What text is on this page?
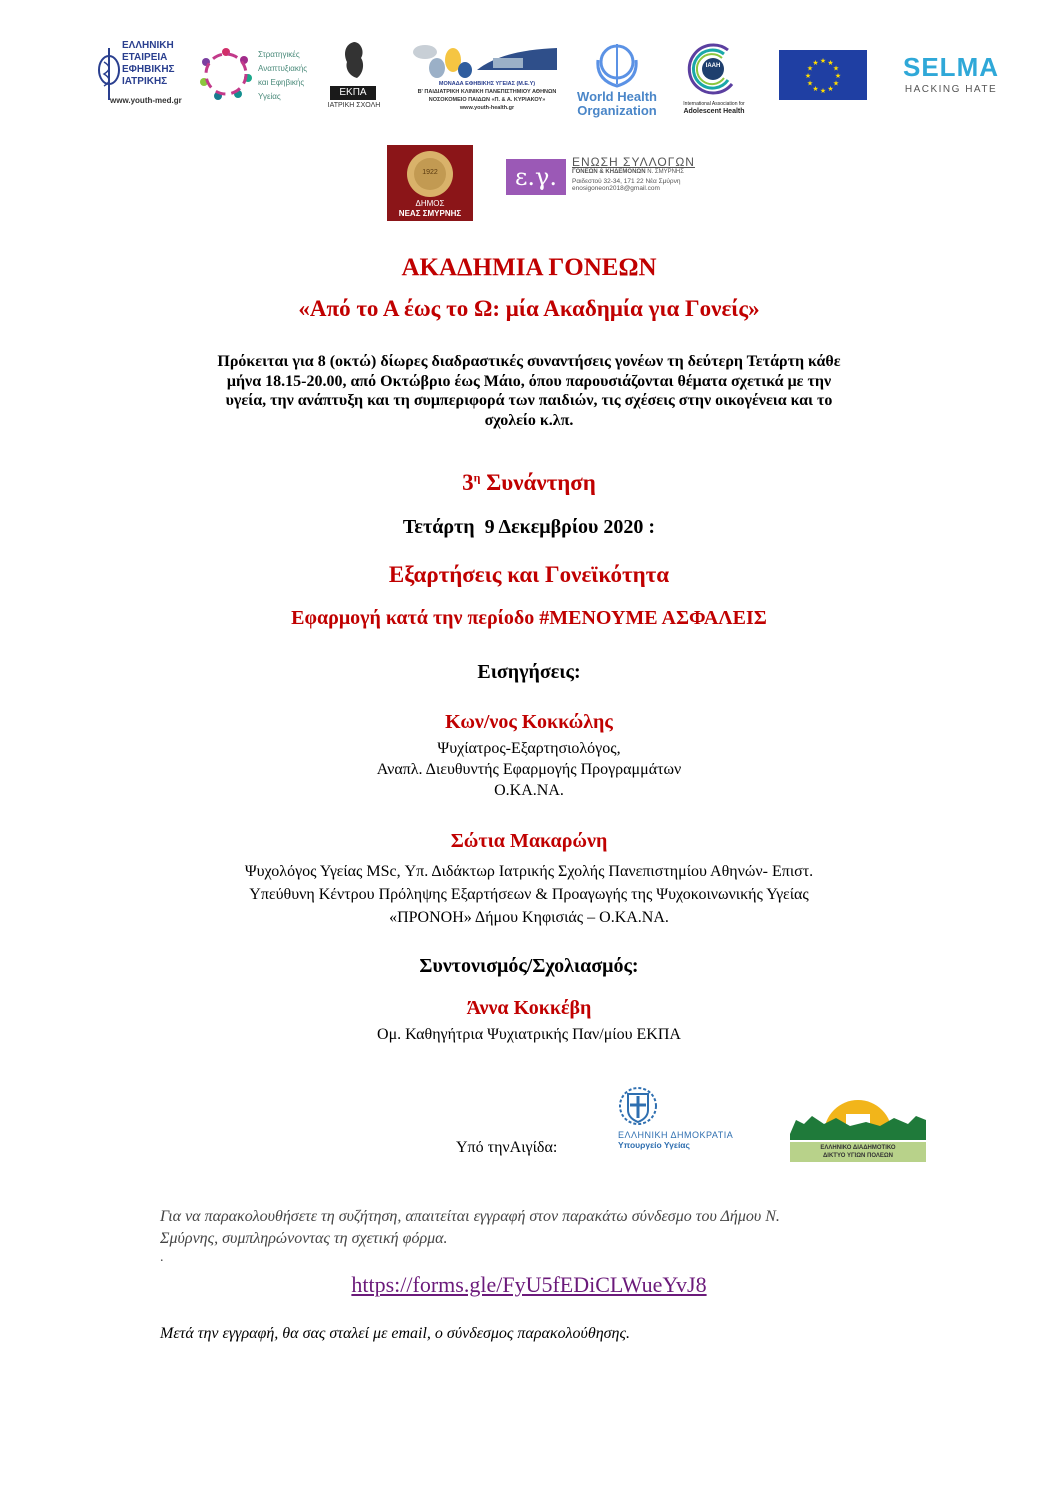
ΕΛΛΗΝΙΚΗ
ΕΤΑΙΡΕΙΑ
ΕΦΗΒΙΚΗΣ
ΙΑΤΡΙΚΗΣ
www.youth-med.gr
Στρατηγικές
Αναπτυξιακής
και Εφηβικής
Υγείας	ΕΚΠΑ
ΙΑΤΡΙΚΗ ΣΧΟΛΗ
ΜΟΝΑΔΑ ΕΦΗΒΙΚΗΣ ΥΓΕΙΑΣ (Μ.Ε.Υ)
Β' ΠΑΙΔΙΑΤΡΙΚΗ ΚΛΙΝΙΚΗ ΠΑΝΕΠΙΣΤΗΜΙΟΥ ΑΘΗΝΩΝ
ΝΟΣΟΚΟΜΕΙΟ ΠΑΙΔΩΝ «Π. & Α. ΚΥΡΙΑΚΟΥ»
www.youth-health.gr
World Health
Organization
IAAH
International Association for
Adolescent Health
★
★
★
★
★
★
★
★
★ ★ ★
★ SELMA
HACKING HATE
1922
ΔΗΜΟΣ
ΝΕΑΣ ΣΜΥΡΝΗΣ
ε.γ.
ΕΝΩΣΗ ΣΥΛΛΟΓΩΝ
ΓΟΝΕΩΝ & ΚΗΔΕΜΟΝΩΝ Ν. ΣΜΥΡΝΗΣ
Ραιδεστού 32-34, 171 22 Νέα Σμύρνη
enosigoneon2018@gmail.com
ΑΚΑΔΗΜΙΑ ΓΟΝΕΩΝ
«Από το Α έως το Ω: μία Ακαδημία για Γονείς»

Πρόκειται για 8 (οκτώ) δίωρες διαδραστικές συναντήσεις γονέων τη δεύτερη Τετάρτη κάθε

μήνα 18.15-20.00, από Οκτώβριο έως Μάιο, όπου παρουσιάζονται θέματα σχετικά με την

υγεία, την ανάπτυξη και τη συμπεριφορά των παιδιών, τις σχέσεις στην οικογένεια και το

σχολείο κ.λπ.

$3^\eta$ Συνάντηση
Τετάρτη  9 Δεκεμβρίου 2020 :
Εξαρτήσεις και Γονεϊκότητα
Εφαρμογή κατά την περίοδο #ΜΕΝΟΥΜΕ ΑΣΦΑΛΕΙΣ
Εισηγήσεις:
Κων/νος Κοκκώλης
Ψυχίατρος-Εξαρτησιολόγος,
Αναπλ. Διευθυντής Εφαρμογής Προγραμμάτων
Ο.ΚΑ.ΝΑ.
Σώτια Μακαρώνη
Ψυχολόγος Υγείας MSc, Υπ. Διδάκτωρ Ιατρικής Σχολής Πανεπιστημίου Αθηνών- Επιστ.
Υπεύθυνη Κέντρου Πρόληψης Εξαρτήσεων & Προαγωγής της Ψυχοκοινωνικής Υγείας
«ΠΡΟΝΟΗ» Δήμου Κηφισιάς – Ο.ΚΑ.ΝΑ.
Συντονισμός/Σχολιασμός:
Άννα Κοκκέβη
Ομ. Καθηγήτρια Ψυχιατρικής Παν/μίου ΕΚΠΑ
Υπό τηνΑιγίδα:
ΕΛΛΗΝΙΚΗ ΔΗΜΟΚΡΑΤΙΑ
Υπουργείο Υγείας	ΕΛΛΗΝΙΚΟ ΔΙΑΔΗΜΟΤΙΚΟ
ΔΙΚΤΥΟ ΥΓΙΩΝ ΠΟΛΕΩΝ
Για να παρακολουθήσετε τη συζήτηση, απαιτείται εγγραφή στον παρακάτω σύνδεσμο του Δήμου Ν.
Σμύρνης, συμπληρώνοντας τη σχετική φόρμα.
.
https://forms.gle/FyU5fEDiCLWueYvJ8
Μετά την εγγραφή, θα σας σταλεί με email, ο σύνδεσμος παρακολούθησης.
